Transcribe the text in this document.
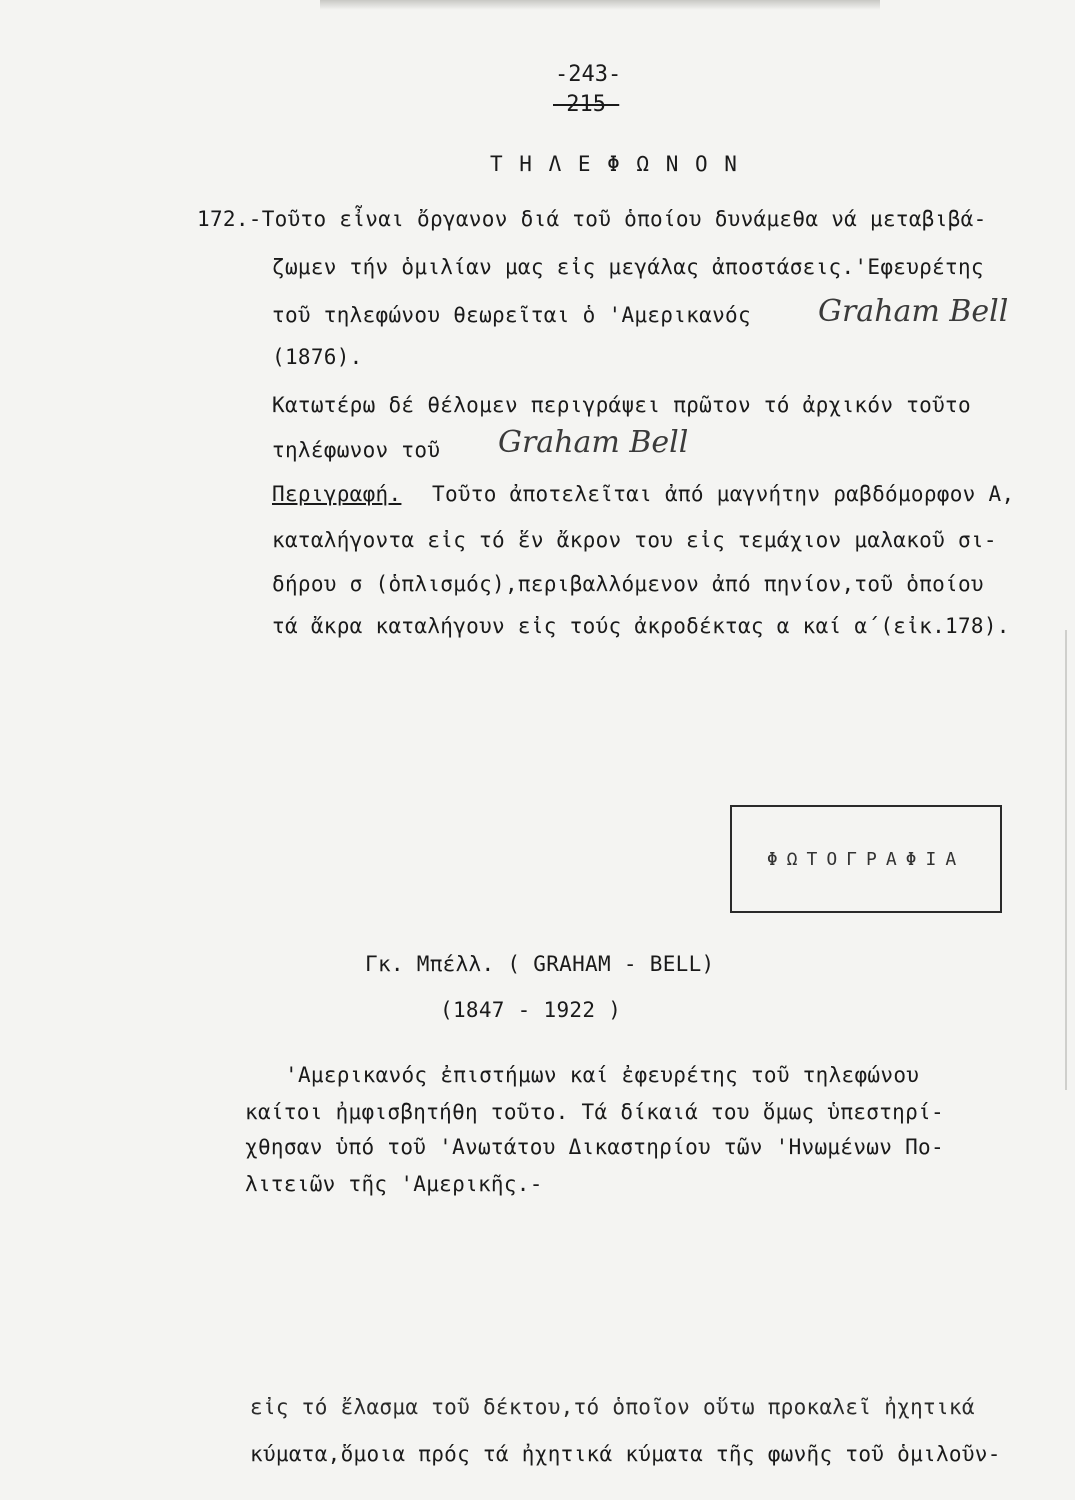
-243-
-215-
Τ Η Λ Ε Φ Ω Ν Ο Ν
172.-Τοῦτο εἶναι ὄργανον διά τοῦ ὁποίου δυνάμεθα νά μεταβιβά-
ζωμεν τήν ὁμιλίαν μας εἰς μεγάλας ἀποστάσεις.'Εφευρέτης
τοῦ τηλεφώνου θεωρεῖται ὁ 'Αμερικανός Graham Bell
(1876).
Κατωτέρω δέ θέλομεν περιγράψει πρῶτον τό ἀρχικόν τοῦτο
τηλέφωνον τοῦ Graham Bell
Περιγραφή. Τοῦτο ἀποτελεῖται ἀπό μαγνήτην ραβδόμορφον Α,
καταλήγοντα εἰς τό ἕν ἄκρον του εἰς τεμάχιον μαλακοῦ σι-
δήρου σ (ὁπλισμός),περιβαλλόμενον ἀπό πηνίον,τοῦ ὁποίου
τά ἄκρα καταλήγουν εἰς τούς ἀκροδέκτας α καί α΄(εἰκ.178).
ΦΩΤΟΓΡΑΦΙΑ
Γκ. Μπέλλ. ( GRAHAM - BELL)
(1847 - 1922 )
'Αμερικανός ἐπιστήμων καί ἐφευρέτης τοῦ τηλεφώνου
καίτοι ἠμφισβητήθη τοῦτο. Τά δίκαιά του ὅμως ὑπεστηρί-
χθησαν ὑπό τοῦ 'Ανωτάτου Δικαστηρίου τῶν 'Ηνωμένων Πο-
λιτειῶν τῆς 'Αμερικῆς.-
εἰς τό ἔλασμα τοῦ δέκτου,τό ὁποῖον οὕτω προκαλεῖ ἠχητικά
κύματα,ὅμοια πρός τά ἠχητικά κύματα τῆς φωνῆς τοῦ ὁμιλοῦν-
